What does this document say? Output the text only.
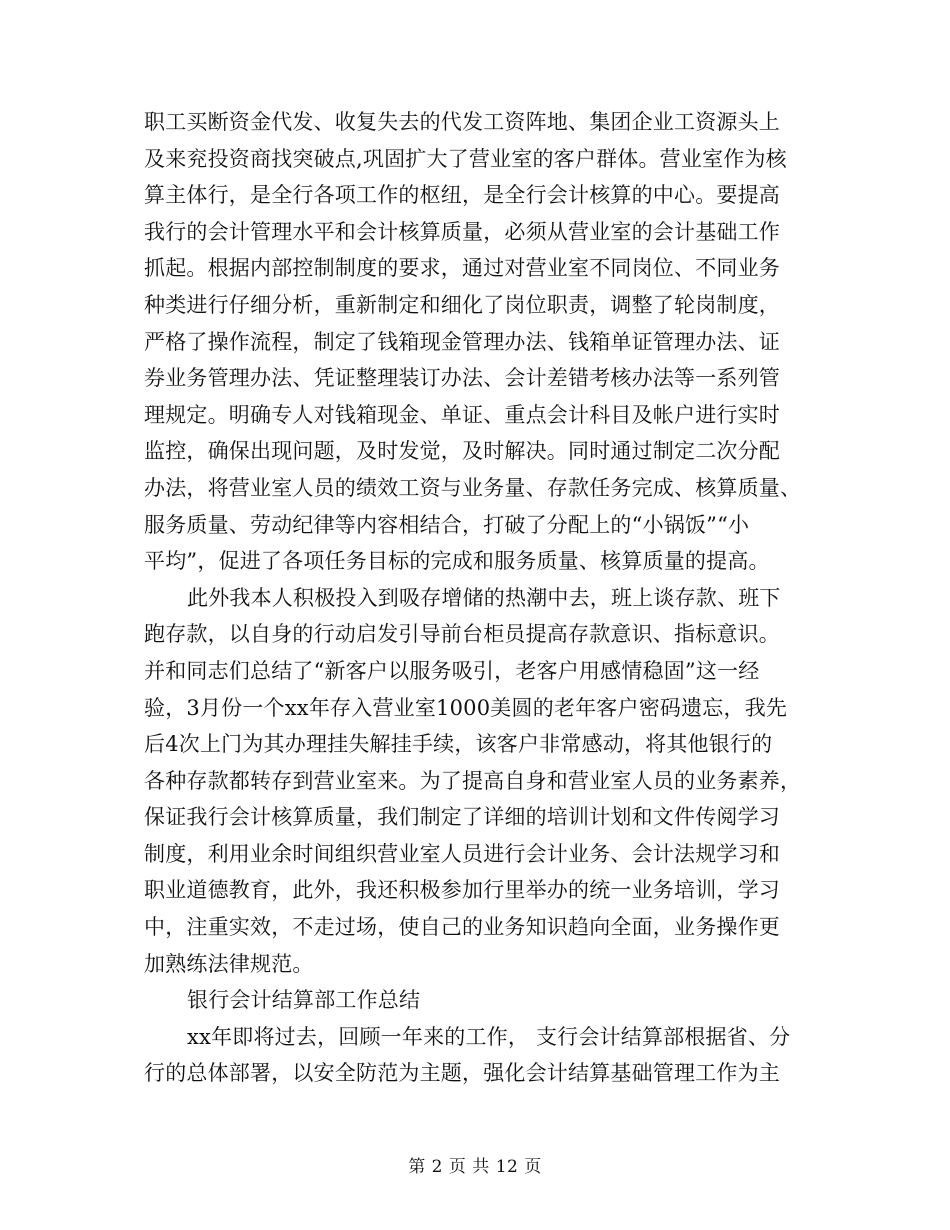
职工买断资金代发、收复失去的代发工资阵地、集团企业工资源头上
及来兖投资商找突破点,巩固扩大了营业室的客户群体。营业室作为核
算主体行，是全行各项工作的枢纽，是全行会计核算的中心。要提高
我行的会计管理水平和会计核算质量，必须从营业室的会计基础工作
抓起。根据内部控制制度的要求，通过对营业室不同岗位、不同业务
种类进行仔细分析，重新制定和细化了岗位职责，调整了轮岗制度，
严格了操作流程，制定了钱箱现金管理办法、钱箱单证管理办法、证
券业务管理办法、凭证整理装订办法、会计差错考核办法等一系列管
理规定。明确专人对钱箱现金、单证、重点会计科目及帐户进行实时
监控，确保出现问题，及时发觉，及时解决。同时通过制定二次分配
办法，将营业室人员的绩效工资与业务量、存款任务完成、核算质量、
服务质量、劳动纪律等内容相结合，打破了分配上的“小锅饭”“小
平均”，促进了各项任务目标的完成和服务质量、核算质量的提高。
此外我本人积极投入到吸存增储的热潮中去，班上谈存款、班下
跑存款，以自身的行动启发引导前台柜员提高存款意识、指标意识。
并和同志们总结了“新客户以服务吸引，老客户用感情稳固”这一经
验，3月份一个xx年存入营业室1000美圆的老年客户密码遗忘，我先
后4次上门为其办理挂失解挂手续，该客户非常感动，将其他银行的
各种存款都转存到营业室来。为了提高自身和营业室人员的业务素养，
保证我行会计核算质量，我们制定了详细的培训计划和文件传阅学习
制度，利用业余时间组织营业室人员进行会计业务、会计法规学习和
职业道德教育，此外，我还积极参加行里举办的统一业务培训，学习
中，注重实效，不走过场，使自己的业务知识趋向全面，业务操作更
加熟练法律规范。
银行会计结算部工作总结
xx年即将过去，回顾一年来的工作， 支行会计结算部根据省、分
行的总体部署，以安全防范为主题，强化会计结算基础管理工作为主
第 2 页 共 12 页
